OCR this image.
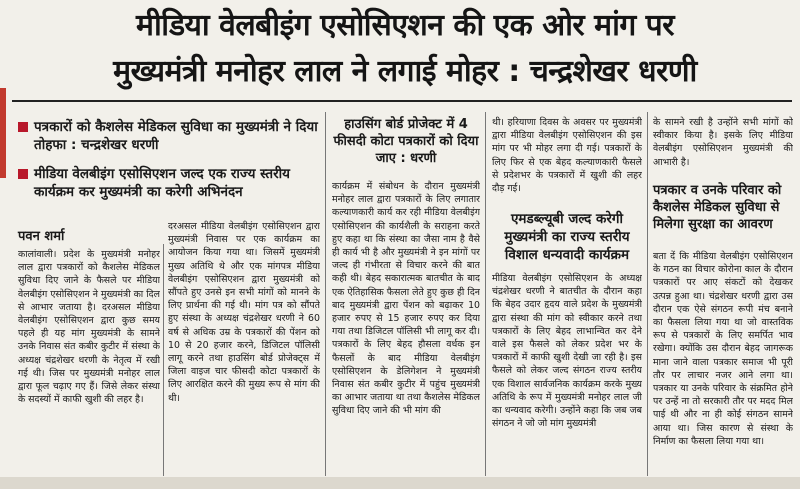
मीडिया वेलबीइंग एसोसिएशन की एक ओर मांग पर
मुख्यमंत्री मनोहर लाल ने लगाई मोहर : चन्द्रशेखर धरणी
पत्रकारों को कैशलेस मेडिकल सुविधा का मुख्यमंत्री ने दिया तोहफा : चन्द्रशेखर धरणी
मीडिया वेलबीइंग एसोसिएशन जल्द एक राज्य स्तरीय कार्यक्रम कर मुख्यमंत्री का करेगी अभिनंदन
पवन शर्मा
कालांवाली। प्रदेश के मुख्यमंत्री मनोहर लाल द्वारा पत्रकारों को कैशलेस मेडिकल सुविधा दिए जाने के फैसले पर मीडिया वेलबीइंग एसोसिएशन ने मुख्यमंत्री का दिल से आभार जताया है। दरअसल मीडिया वेलबीइंग एसोसिएशन द्वारा कुछ समय पहले ही यह मांग मुख्यमंत्री के सामने उनके निवास संत कबीर कुटीर में संस्था के अध्यक्ष चंद्रशेखर धरणी के नेतृत्व में रखी गई थी। जिस पर मुख्यमंत्री मनोहर लाल द्वारा फूल चढ़ाए गए हैं। जिसे लेकर संस्था के सदस्यों में काफी खुशी की लहर है।
दरअसल मीडिया वेलबीइंग एसोसिएशन द्वारा मुख्यमंत्री निवास पर एक कार्यक्रम का आयोजन किया गया था। जिसमें मुख्यमंत्री मुख्य अतिथि थे और एक मांगपत्र मीडिया वेलबीइंग एसोसिएशन द्वारा मुख्यमंत्री को सौंपते हुए उनसे इन सभी मांगों को मानने के लिए प्रार्थना की गई थी। मांग पत्र को सौंपते हुए संस्था के अध्यक्ष चंद्रशेखर धरणी ने 60 वर्ष से अधिक उम्र के पत्रकारों की पेंशन को 10 से 20 हजार करने, डिजिटल पॉलिसी लागू करने तथा हाउसिंग बोर्ड प्रोजेक्ट्स में जिला वाइज चार फीसदी कोटा पत्रकारों के लिए आरक्षित करने की मुख्य रूप से मांग की थी।
हाउसिंग बोर्ड प्रोजेक्ट में 4 फीसदी कोटा पत्रकारों को दिया जाए : धरणी
कार्यक्रम में संबोधन के दौरान मुख्यमंत्री मनोहर लाल द्वारा पत्रकारों के लिए लगातार कल्याणकारी कार्य कर रही मीडिया वेलबीइंग एसोसिएशन की कार्यशैली के सराहना करते हुए कहा था कि संस्था का जैसा नाम है वैसे ही कार्य भी है और मुख्यमंत्री ने इन मांगों पर जल्द ही गंभीरता से विचार करने की बात कही थी। बेहद सकारात्मक बातचीत के बाद एक ऐतिहासिक फैसला लेते हुए कुछ ही दिन बाद मुख्यमंत्री द्वारा पेंशन को बढ़ाकर 10 हजार रुपए से 15 हजार रुपए कर दिया गया तथा डिजिटल पॉलिसी भी लागू कर दी। पत्रकारों के लिए बेहद हौसला वर्धक इन फैसलों के बाद मीडिया वेलबीइंग एसोसिएशन के डेलिगेशन ने मुख्यमंत्री निवास संत कबीर कुटीर में पहुंच मुख्यमंत्री का आभार जताया था तथा कैशलेस मेडिकल सुविधा दिए जाने की भी मांग की
थी। हरियाणा दिवस के अवसर पर मुख्यमंत्री द्वारा मीडिया वेलबीइंग एसोसिएशन की इस मांग पर भी मोहर लगा दी गई। पत्रकारों के लिए फिर से एक बेहद कल्याणकारी फैसले से प्रदेशभर के पत्रकारों में खुशी की लहर दौड़ गई।
एमडब्ल्यूबी जल्द करेगी मुख्यमंत्री का राज्य स्तरीय विशाल धन्यवादी कार्यक्रम
मीडिया वेलबीइंग एसोसिएशन के अध्यक्ष चंद्रशेखर धरणी ने बातचीत के दौरान कहा कि बेहद उदार हृदय वाले प्रदेश के मुख्यमंत्री द्वारा संस्था की मांग को स्वीकार करने तथा पत्रकारों के लिए बेहद लाभान्वित कर देने वाले इस फैसले को लेकर प्रदेश भर के पत्रकारों में काफी खुशी देखी जा रही है। इस फैसले को लेकर जल्द संगठन राज्य स्तरीय एक विशाल सार्वजनिक कार्यक्रम करके मुख्य अतिथि के रूप में मुख्यमंत्री मनोहर लाल जी का धन्यवाद करेगी। उन्होंने कहा कि जब जब संगठन ने जो जो मांग मुख्यमंत्री
के सामने रखी है उन्होंने सभी मांगों को स्वीकार किया है। इसके लिए मीडिया वेलबीइंग एसोसिएशन मुख्यमंत्री की आभारी है।
पत्रकार व उनके परिवार को कैशलेस मेडिकल सुविधा से मिलेगा सुरक्षा का आवरण
बता दें कि मीडिया वेलबीइंग एसोसिएशन के गठन का विचार कोरोना काल के दौरान पत्रकारों पर आए संकटों को देखकर उत्पन्न हुआ था। चंद्रशेखर धरणी द्वारा उस दौरान एक ऐसे संगठन रूपी मंच बनाने का फैसला लिया गया था जो वास्तविक रूप से पत्रकारों के लिए समर्पित भाव रखेगा। क्योंकि उस दौरान बेहद जागरूक माना जाने वाला पत्रकार समाज भी पूरी तौर पर लाचार नजर आने लगा था। पत्रकार या उनके परिवार के संक्रमित होने पर उन्हें ना तो सरकारी तौर पर मदद मिल पाई थी और ना ही कोई संगठन सामने आया था। जिस कारण से संस्था के निर्माण का फैसला लिया गया था।
